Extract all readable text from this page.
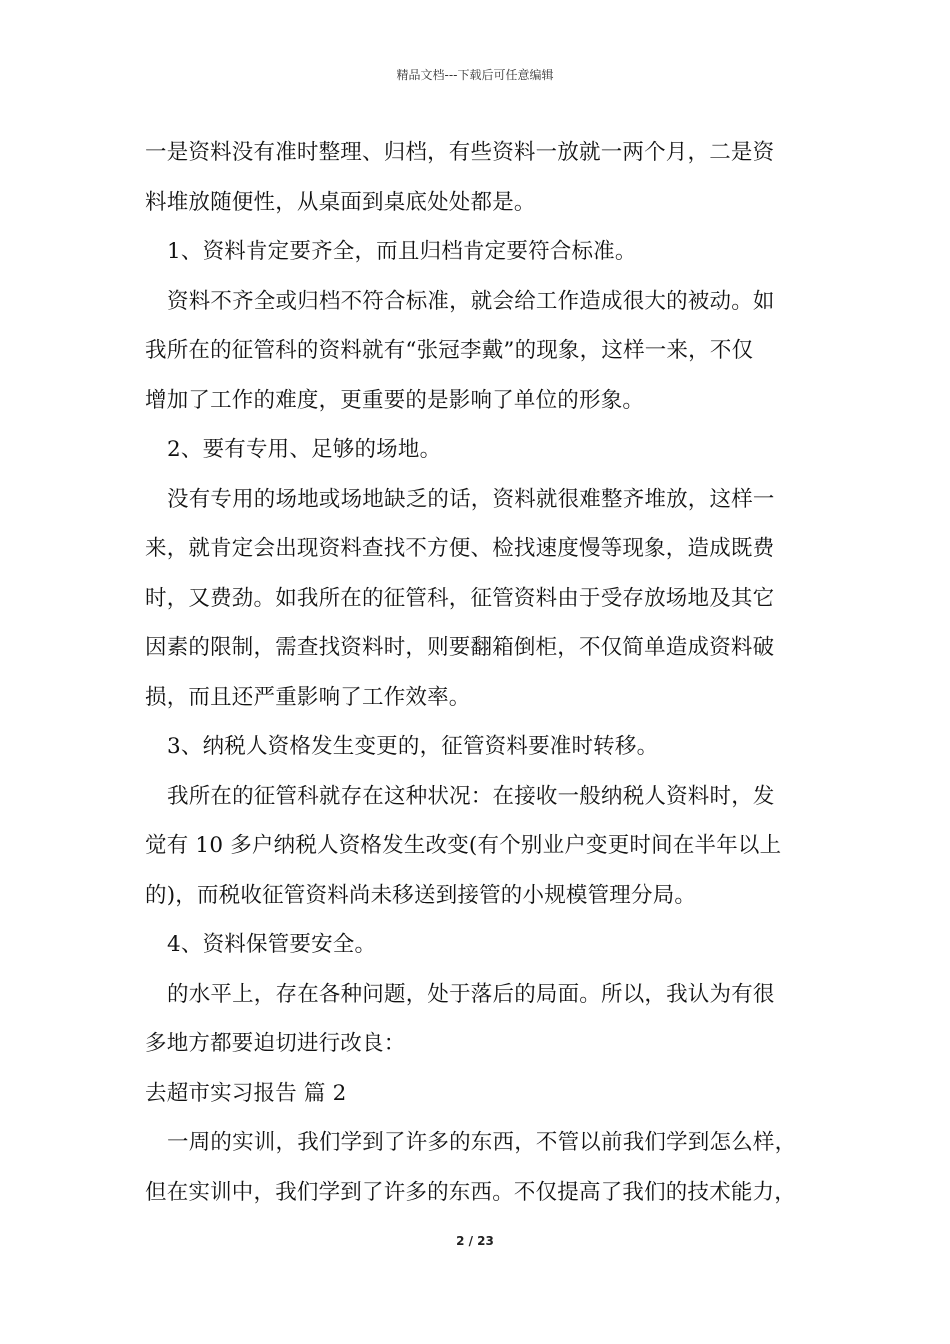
精品文档---下载后可任意编辑
一是资料没有准时整理、归档，有些资料一放就一两个月，二是资
料堆放随便性，从桌面到桌底处处都是。
1、资料肯定要齐全，而且归档肯定要符合标准。
资料不齐全或归档不符合标准，就会给工作造成很大的被动。如
我所在的征管科的资料就有“张冠李戴”的现象，这样一来，不仅
增加了工作的难度，更重要的是影响了单位的形象。
2、要有专用、足够的场地。
没有专用的场地或场地缺乏的话，资料就很难整齐堆放，这样一
来，就肯定会出现资料查找不方便、检找速度慢等现象，造成既费
时，又费劲。如我所在的征管科，征管资料由于受存放场地及其它
因素的限制，需查找资料时，则要翻箱倒柜，不仅简单造成资料破
损，而且还严重影响了工作效率。
3、纳税人资格发生变更的，征管资料要准时转移。
我所在的征管科就存在这种状况：在接收一般纳税人资料时，发
觉有 10 多户纳税人资格发生改变(有个别业户变更时间在半年以上
的)，而税收征管资料尚未移送到接管的小规模管理分局。
4、资料保管要安全。
的水平上，存在各种问题，处于落后的局面。所以，我认为有很
多地方都要迫切进行改良：
去超市实习报告 篇 2
一周的实训，我们学到了许多的东西，不管以前我们学到怎么样，
但在实训中，我们学到了许多的东西。不仅提高了我们的技术能力，
2 / 23
